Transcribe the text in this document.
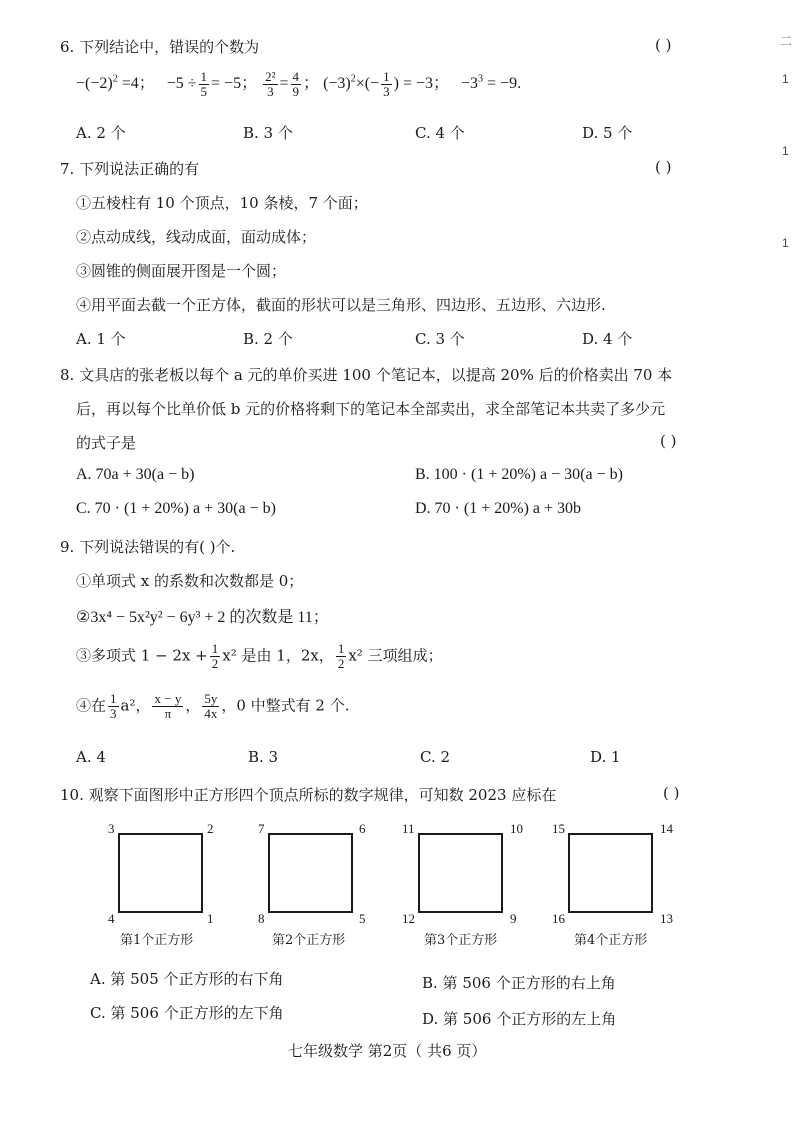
6. 下列结论中，错误的个数为	( )
$-(-2)^2 =4$； $-5 \div \frac{1}{5} = -5$； $\frac{\text{2²}}{3} = \frac{4}{9}$ ； $(-3)^2\times(- \frac{1}{3}$ ) = −3； $-3^3 = -9$.
A. 2 个	B. 3 个	C. 4 个	D. 5 个
7. 下列说法正确的有	( )
①五棱柱有 10 个顶点，10 条棱，7 个面；
②点动成线，线动成面，面动成体；
③圆锥的侧面展开图是一个圆；
④用平面去截一个正方体，截面的形状可以是三角形、四边形、五边形、六边形.
A. 1 个	B. 2 个	C. 3 个	D. 4 个
8. 文具店的张老板以每个 a 元的单价买进 100 个笔记本，以提高 20% 后的价格卖出 70 本
后，再以每个比单价低 b 元的价格将剩下的笔记本全部卖出，求全部笔记本共卖了多少元
的式子是	( )
A. 70a + 30(a − b)	B. 100 · (1 + 20%) a − 30(a − b)
C. 70 · (1 + 20%) a + 30(a − b)	D. 70 · (1 + 20%) a + 30b
9. 下列说法错误的有( )个.
①单项式 x 的系数和次数都是 0；
②3x⁴ − 5x²y² − 6y³ + 2 的次数是 11；
③多项式 $1 - 2x + \frac{1}{2} x^2$ 是由 1，2x， $\frac{1}{2} x^2$ 三项组成；
④在 $\frac{1}{3} a^2$， $\frac{x - y}{\pi}$ ， $\frac{5y}{4x}$ ，0 中整式有 2 个.
A. 4	B. 3	C. 2	D. 1
10. 观察下面图形中正方形四个顶点所标的数字规律，可知数 2023 应标在	( )
3	2
4	1
第1个正方形
7	6
8	5
第2个正方形
11	10
12	9
第3个正方形
15	14
16	13
第4个正方形
A. 第 505 个正方形的右下角	B. 第 506 个正方形的右上角
C. 第 506 个正方形的左下角	D. 第 506 个正方形的左上角
七年级数学 第2页（ 共6 页）
二
1
1
1
